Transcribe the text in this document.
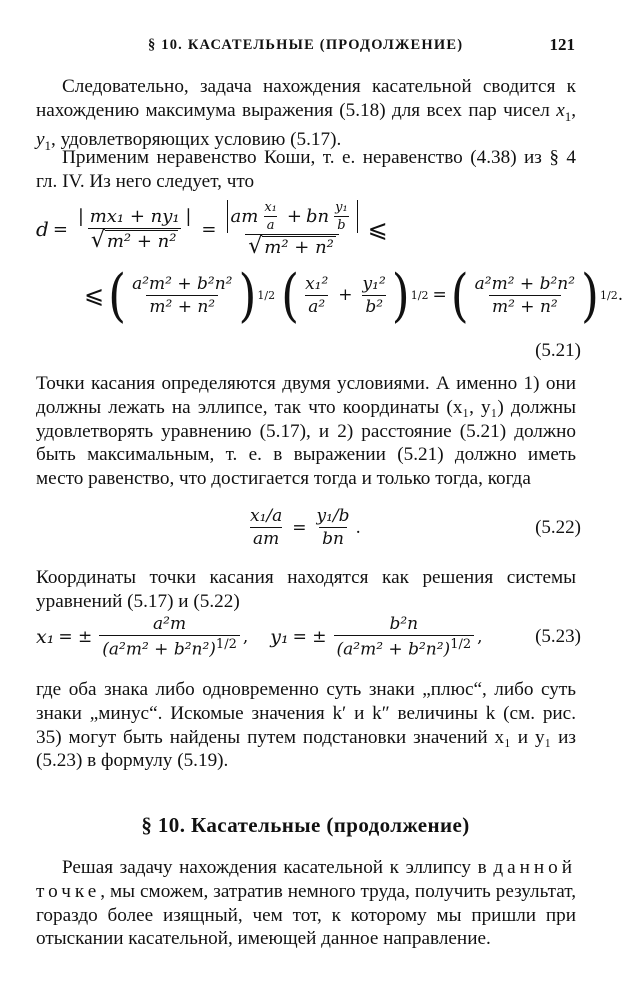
§ 10. КАСАТЕЛЬНЫЕ (ПРОДОЛЖЕНИЕ)	121

Следовательно, задача нахождения касательной сводится к нахождению максимума выражения (5.18) для всех пар чисел $x_1$, $y_1$, удовлетворяющих условию (5.17).

Применим неравенство Коши, т. е. неравенство (4.38) из § 4 гл. IV. Из него следует, что

$d = \frac{\text{| mx₁ + ny₁ |}}{\text{√ m² + n²}} = \frac{am \frac{\text{x₁}}{a} + bn \frac{\text{y₁}}{b}}{\text{√ m² + n²}}$ ⩽
⩽ ( $\frac{\text{a²m² + b²n²}}{\text{m² + n²}}$ ) 1/2 ( $\frac{\text{x₁²}}{\text{a²}} + \frac{\text{y₁²}}{\text{b²}}$ ) 1/2 = ( $\frac{\text{a²m² + b²n²}}{\text{m² + n²}}$ ) 1/2 .
(5.21)

Точки касания определяются двумя условиями. А именно 1) они должны лежать на эллипсе, так что координаты (x₁, y₁) должны удовлетворять уравнению (5.17), и 2) расстояние (5.21) должно быть максимальным, т. е. в выражении (5.21) должно иметь место равенство, что достигается тогда и только тогда, когда

$\frac{\text{x₁/a}}{am} = \frac{\text{y₁/b}}{bn}$ .	(5.22)

Координаты точки касания находятся как решения системы уравнений (5.17) и (5.22)

x₁ = ± $\frac{\text{a²m}}{(a^2m^2 + b^2n^2)^{1/2}}$ , y₁ = ± $\frac{\text{b²n}}{(a^2m^2 + b^2n^2)^{1/2}}$ ,	(5.23)

где оба знака либо одновременно суть знаки „плюс“, либо суть знаки „минус“. Искомые значения k′ и k″ величины k (см. рис. 35) могут быть найдены путем подстановки значений x₁ и y₁ из (5.23) в формулу (5.19).

§ 10. Касательные (продолжение)

Решая задачу нахождения касательной к эллипсу в данной точке, мы сможем, затратив немного труда, получить результат, гораздо более изящный, чем тот, к которому мы пришли при отыскании касательной, имеющей данное направление.
